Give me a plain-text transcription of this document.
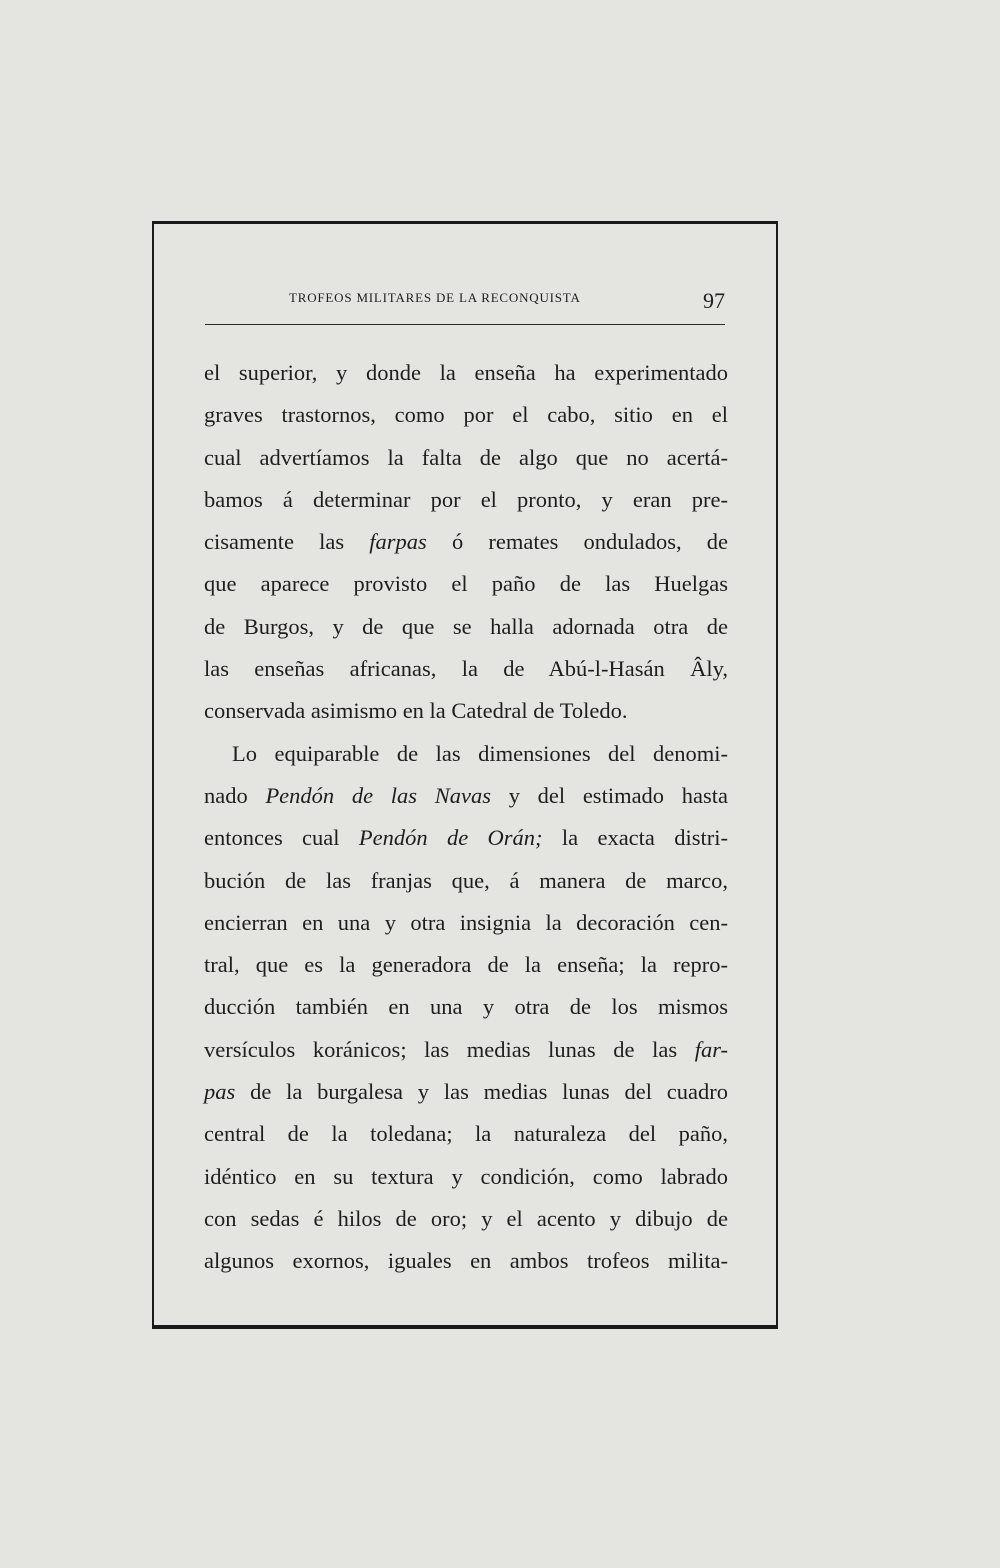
TROFEOS MILITARES DE LA RECONQUISTA	97
el superior, y donde la enseña ha experimentado
graves trastornos, como por el cabo, sitio en el
cual advertíamos la falta de algo que no acertá-
bamos á determinar por el pronto, y eran pre-
cisamente las farpas ó remates ondulados, de
que aparece provisto el paño de las Huelgas
de Burgos, y de que se halla adornada otra de
las enseñas africanas, la de Abú-l-Hasán Âly,
conservada asimismo en la Catedral de Toledo.
Lo equiparable de las dimensiones del denomi-
nado Pendón de las Navas y del estimado hasta
entonces cual Pendón de Orán; la exacta distri-
bución de las franjas que, á manera de marco,
encierran en una y otra insignia la decoración cen-
tral, que es la generadora de la enseña; la repro-
ducción también en una y otra de los mismos
versículos koránicos; las medias lunas de las far-
pas de la burgalesa y las medias lunas del cuadro
central de la toledana; la naturaleza del paño,
idéntico en su textura y condición, como labrado
con sedas é hilos de oro; y el acento y dibujo de
algunos exornos, iguales en ambos trofeos milita-
